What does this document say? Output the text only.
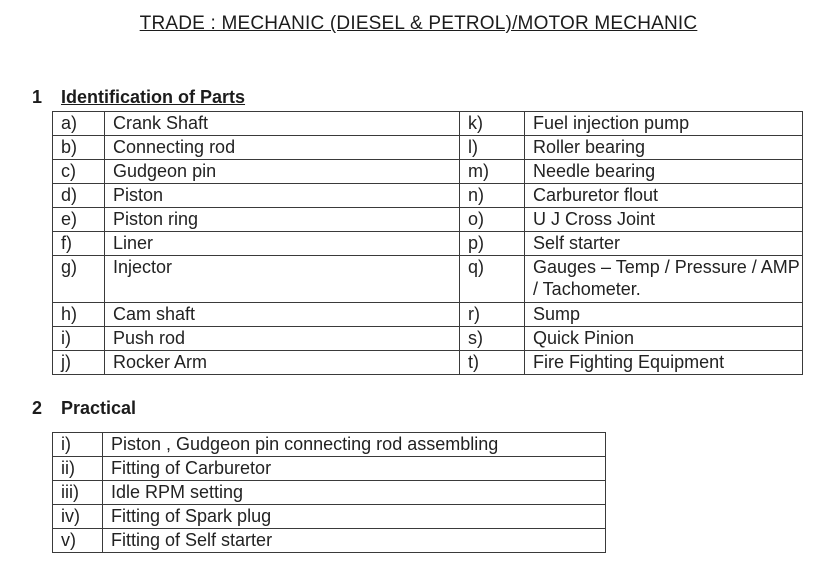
TRADE : MECHANIC (DIESEL & PETROL)/MOTOR MECHANIC
1 Identification of Parts
a)	Crank Shaft	k)	Fuel injection pump
b)	Connecting rod	l)	Roller bearing
c)	Gudgeon pin	m)	Needle bearing
d)	Piston	n)	Carburetor flout
e)	Piston ring	o)	U J Cross Joint
f)	Liner	p)	Self starter
g)	Injector	q)	Gauges – Temp / Pressure / AMP / Tachometer.
h)	Cam shaft	r)	Sump
i)	Push rod	s)	Quick Pinion
j)	Rocker Arm	t)	Fire Fighting Equipment
2 Practical
i)	Piston , Gudgeon pin connecting rod assembling
ii)	Fitting of Carburetor
iii)	Idle RPM setting
iv)	Fitting of Spark plug
v)	Fitting of Self starter
